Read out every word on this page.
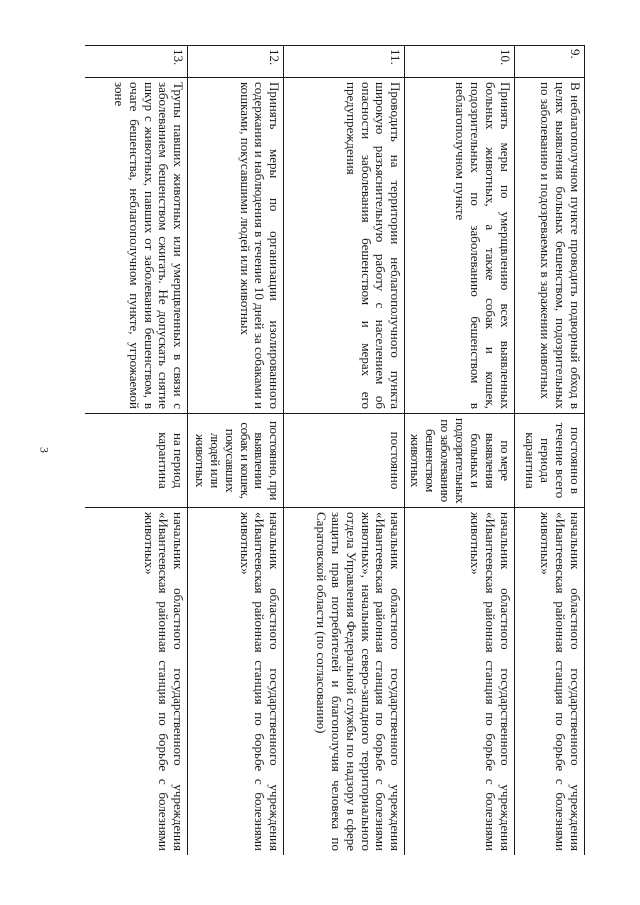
3
9.	В неблагополучном пункте проводить подворный обход в целях выявления больных бешенством, подозрительных по заболеванию и подозреваемых в заражении животных	постоянно в течение всего периода карантина	начальник областного государственного учреждения «Ивантеевская районная станция по борьбе с болезнями животных»
10.	Принять меры по умерщвлению всех выявленных больных животных, а также собак и кошек, подозрительных по заболеванию бешенством в неблагополучном пункте	по мере выявления больных и подозрительных по заболеванию бешенством животных	начальник областного государственного учреждения «Ивантеевская районная станция по борьбе с болезнями животных»
11.	Проводить на территории неблагополучного пункта широкую разъяснительную работу с населением об опасности заболевания бешенством и мерах его предупреждения	постоянно	начальник областного государственного учреждения «Ивантеевская районная станция по борьбе с болезнями животных», начальник северо-западного территориального отдела Управления Федеральной службы по надзору в сфере защиты прав потребителей и благополучия человека по Саратовской области (по согласованию)
12.	Принять меры по организации изолированного содержания и наблюдения в течение 10 дней за собаками и кошками, покусавшими людей или животных	постоянно, при выявлении собак и кошек, покусавших людей или животных	начальник областного государственного учреждения «Ивантеевская районная станция по борьбе с болезнями животных»
13.	Трупы павших животных или умерщвленных в связи с заболеванием бешенством сжигать. Не допускать снятие шкур с животных, павших от заболевания бешенством, в очаге бешенства, неблагополучном пункте, угрожаемой зоне	на период карантина	начальник областного государственного учреждения «Ивантеевская районная станция по борьбе с болезнями животных»
